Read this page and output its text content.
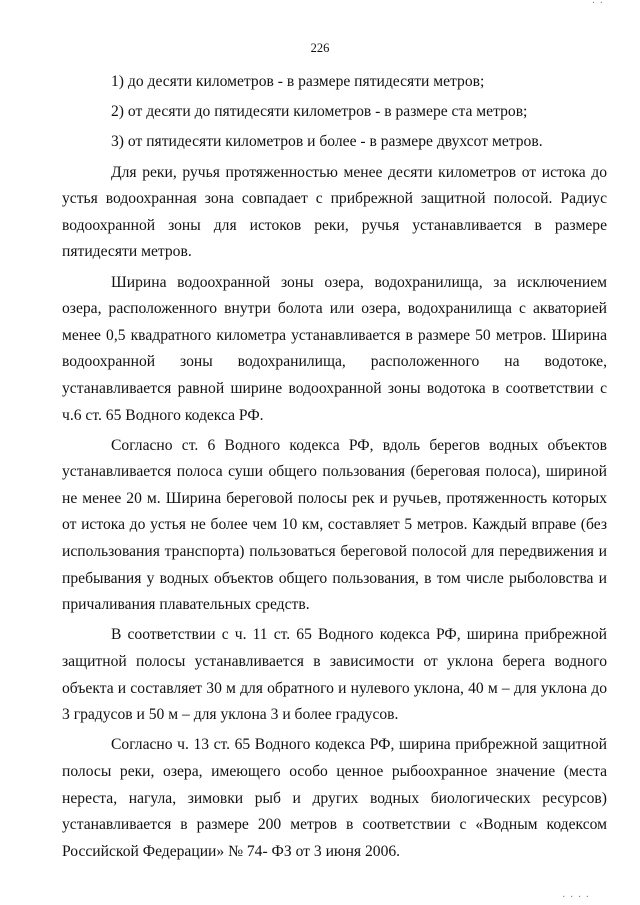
· ·
226

1) до десяти километров - в размере пятидесяти метров;

2) от десяти до пятидесяти километров - в размере ста метров;

3) от пятидесяти километров и более - в размере двухсот метров.

Для реки, ручья протяженностью менее десяти километров от истока до устья водоохранная зона совпадает с прибрежной защитной полосой. Радиус водоохранной зоны для истоков реки, ручья устанавливается в размере пятидесяти метров.

Ширина водоохранной зоны озера, водохранилища, за исключением озера, расположенного внутри болота или озера, водохранилища с акваторией менее 0,5 квадратного километра устанавливается в размере 50 метров. Ширина водоохранной зоны водохранилища, расположенного на водотоке, устанавливается равной ширине водоохранной зоны водотока в соответствии с ч.6 ст. 65 Водного кодекса РФ.

Согласно ст. 6 Водного кодекса РФ, вдоль берегов водных объектов устанавливается полоса суши общего пользования (береговая полоса), шириной не менее 20 м. Ширина береговой полосы рек и ручьев, протяженность которых от истока до устья не более чем 10 км, составляет 5 метров. Каждый вправе (без использования транспорта) пользоваться береговой полосой для передвижения и пребывания у водных объектов общего пользования, в том числе рыболовства и причаливания плавательных средств.

В соответствии с ч. 11 ст. 65 Водного кодекса РФ, ширина прибрежной защитной полосы устанавливается в зависимости от уклона берега водного объекта и составляет 30 м для обратного и нулевого уклона, 40 м – для уклона до 3 градусов и 50 м – для уклона 3 и более градусов.

Согласно ч. 13 ст. 65 Водного кодекса РФ, ширина прибрежной защитной полосы реки, озера, имеющего особо ценное рыбоохранное значение (места нереста, нагула, зимовки рыб и других водных биологических ресурсов) устанавливается в размере 200 метров в соответствии с «Водным кодексом Российской Федерации» № 74- ФЗ от 3 июня 2006.

· · · ·
